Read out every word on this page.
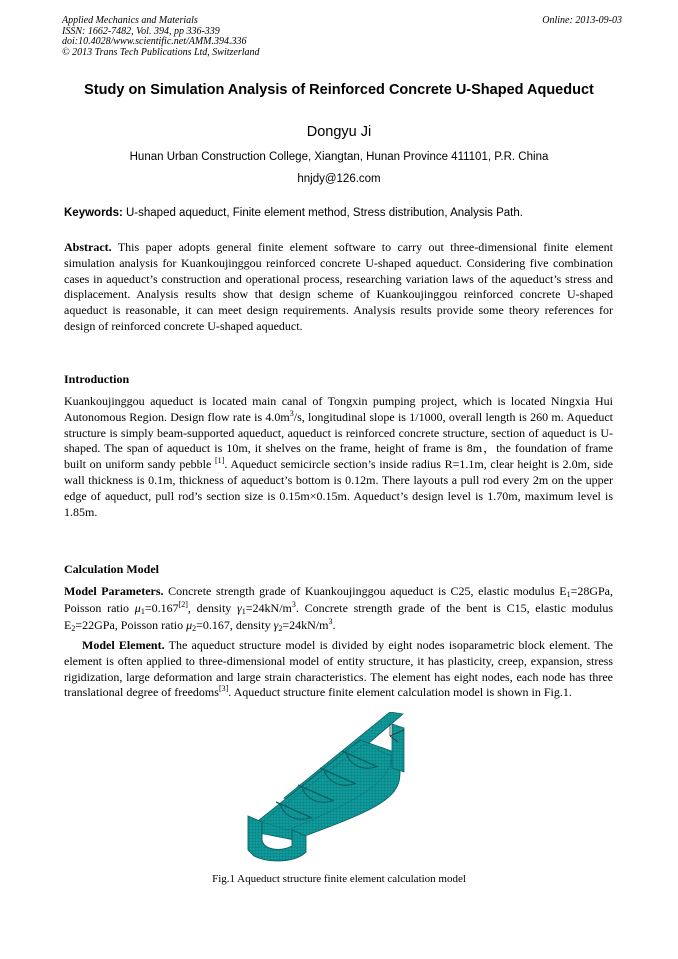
Applied Mechanics and Materials
ISSN: 1662-7482, Vol. 394, pp 336-339
doi:10.4028/www.scientific.net/AMM.394.336
© 2013 Trans Tech Publications Ltd, Switzerland
Online: 2013-09-03
Study on Simulation Analysis of Reinforced Concrete U-Shaped Aqueduct
Dongyu Ji
Hunan Urban Construction College, Xiangtan, Hunan Province 411101, P.R. China
hnjdy@126.com
Keywords: U-shaped aqueduct, Finite element method, Stress distribution, Analysis Path.
Abstract. This paper adopts general finite element software to carry out three-dimensional finite element simulation analysis for Kuankoujinggou reinforced concrete U-shaped aqueduct. Considering five combination cases in aqueduct’s construction and operational process, researching variation laws of the aqueduct’s stress and displacement. Analysis results show that design scheme of Kuankoujinggou reinforced concrete U-shaped aqueduct is reasonable, it can meet design requirements. Analysis results provide some theory references for design of reinforced concrete U-shaped aqueduct.
Introduction
Kuankoujinggou aqueduct is located main canal of Tongxin pumping project, which is located Ningxia Hui Autonomous Region. Design flow rate is $4.0m^3/s$, longitudinal slope is 1/1000, overall length is 260 m. Aqueduct structure is simply beam-supported aqueduct, aqueduct is reinforced concrete structure, section of aqueduct is U-shaped. The span of aqueduct is 10m, it shelves on the frame, height of frame is 8m，the foundation of frame built on uniform sandy pebble [1]. Aqueduct semicircle section’s inside radius R=1.1m, clear height is 2.0m, side wall thickness is 0.1m, thickness of aqueduct’s bottom is 0.12m. There layouts a pull rod every 2m on the upper edge of aqueduct, pull rod’s section size is 0.15m×0.15m. Aqueduct’s design level is 1.70m, maximum level is 1.85m.
Calculation Model
Model Parameters. Concrete strength grade of Kuankoujinggou aqueduct is C25, elastic modulus $E_1=28GPa$, Poisson ratio $\mu_1=0.167[2]$, density $\gamma_1=24kN/m^3$. Concrete strength grade of the bent is C15, elastic modulus $E_2=22GPa$, Poisson ratio $\mu_2=0.167$, density $\gamma_2=24kN/m^3$.
Model Element. The aqueduct structure model is divided by eight nodes isoparametric block element. The element is often applied to three-dimensional model of entity structure, it has plasticity, creep, expansion, stress rigidization, large deformation and large strain characteristics. The element has eight nodes, each node has three translational degree of freedoms[3]. Aqueduct structure finite element calculation model is shown in Fig.1.
Fig.1 Aqueduct structure finite element calculation model
